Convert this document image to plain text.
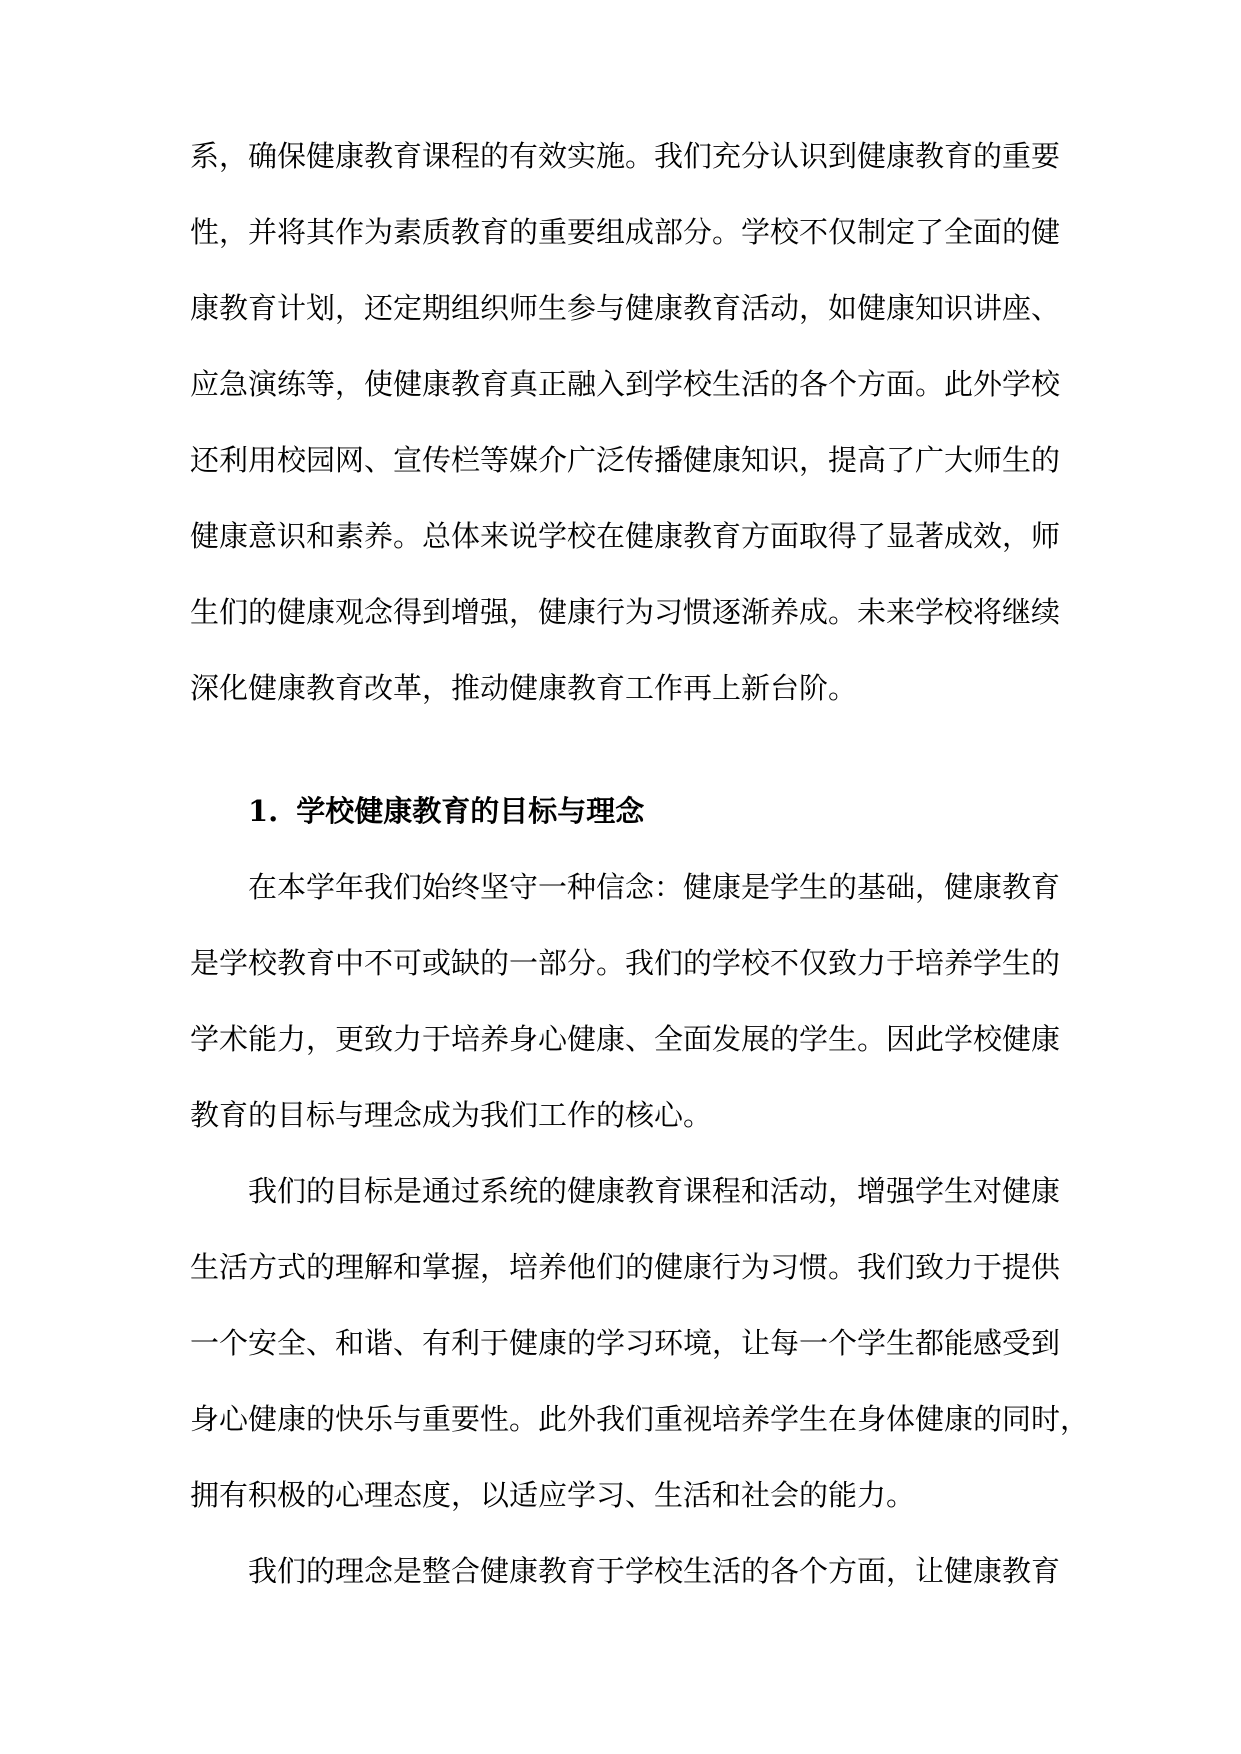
系，确保健康教育课程的有效实施。我们充分认识到健康教育的重要
性，并将其作为素质教育的重要组成部分。学校不仅制定了全面的健
康教育计划，还定期组织师生参与健康教育活动，如健康知识讲座、
应急演练等，使健康教育真正融入到学校生活的各个方面。此外学校
还利用校园网、宣传栏等媒介广泛传播健康知识，提高了广大师生的
健康意识和素养。总体来说学校在健康教育方面取得了显著成效，师
生们的健康观念得到增强，健康行为习惯逐渐养成。未来学校将继续
深化健康教育改革，推动健康教育工作再上新台阶。
1. 学校健康教育的目标与理念
在本学年我们始终坚守一种信念：健康是学生的基础，健康教育
是学校教育中不可或缺的一部分。我们的学校不仅致力于培养学生的
学术能力，更致力于培养身心健康、全面发展的学生。因此学校健康
教育的目标与理念成为我们工作的核心。
我们的目标是通过系统的健康教育课程和活动，增强学生对健康
生活方式的理解和掌握，培养他们的健康行为习惯。我们致力于提供
一个安全、和谐、有利于健康的学习环境，让每一个学生都能感受到
身心健康的快乐与重要性。此外我们重视培养学生在身体健康的同时，
拥有积极的心理态度，以适应学习、生活和社会的能力。
我们的理念是整合健康教育于学校生活的各个方面，让健康教育
